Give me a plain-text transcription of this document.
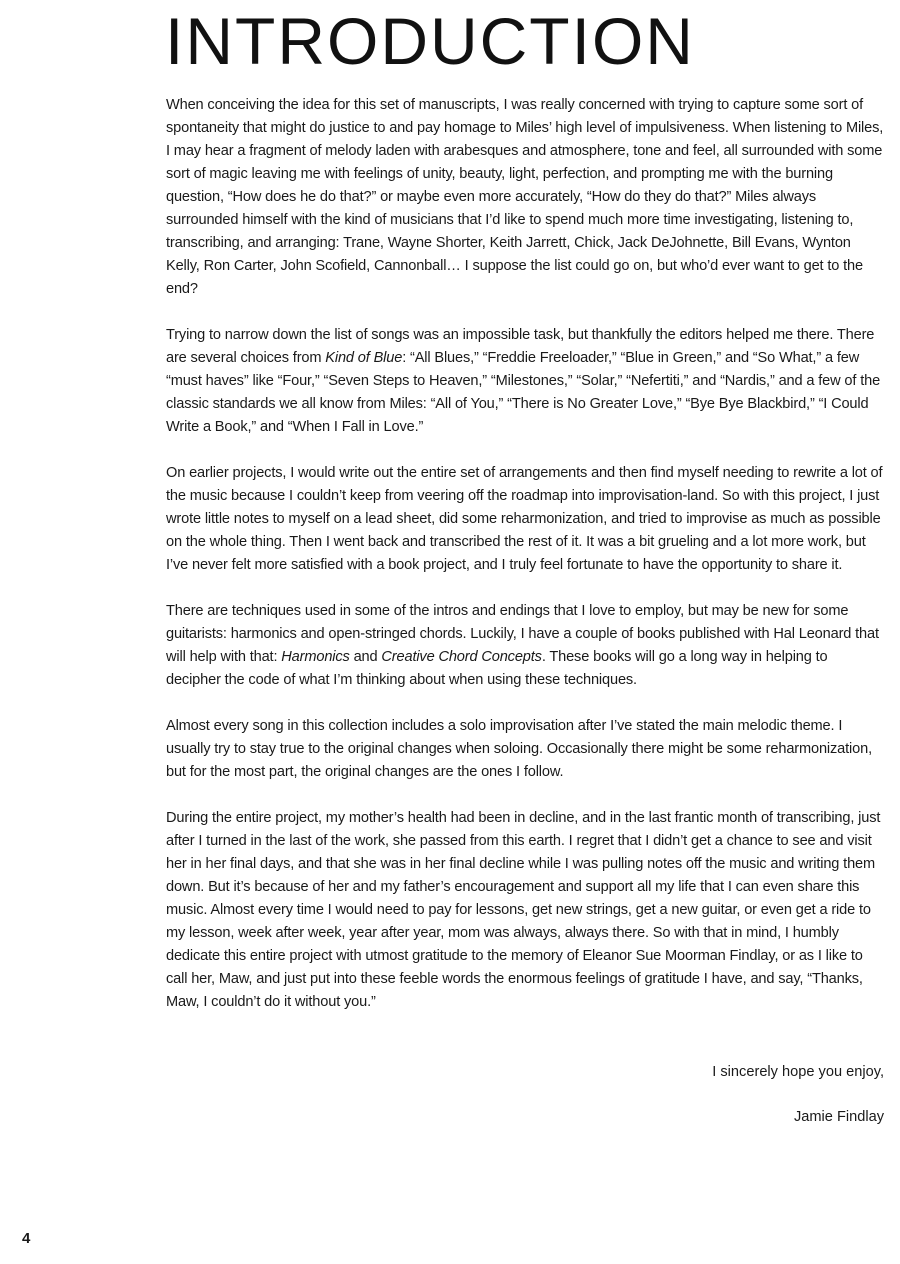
INTRODUCTION

When conceiving the idea for this set of manuscripts, I was really concerned with trying to capture some sort of spontaneity that might do justice to and pay homage to Miles’ high level of impulsiveness. When listening to Miles, I may hear a fragment of melody laden with arabesques and atmosphere, tone and feel, all surrounded with some sort of magic leaving me with feelings of unity, beauty, light, perfection, and prompting me with the burning question, “How does he do that?” or maybe even more accurately, “How do they do that?” Miles always surrounded himself with the kind of musicians that I’d like to spend much more time investigating, listening to, transcribing, and arranging: Trane, Wayne Shorter, Keith Jarrett, Chick, Jack DeJohnette, Bill Evans, Wynton Kelly, Ron Carter, John Scofield, Cannonball… I suppose the list could go on, but who’d ever want to get to the end?

Trying to narrow down the list of songs was an impossible task, but thankfully the editors helped me there. There are several choices from Kind of Blue: “All Blues,” “Freddie Freeloader,” “Blue in Green,” and “So What,” a few “must haves” like “Four,” “Seven Steps to Heaven,” “Milestones,” “Solar,” “Nefertiti,” and “Nardis,” and a few of the classic standards we all know from Miles: “All of You,” “There is No Greater Love,” “Bye Bye Blackbird,” “I Could Write a Book,” and “When I Fall in Love.”

On earlier projects, I would write out the entire set of arrangements and then find myself needing to rewrite a lot of the music because I couldn’t keep from veering off the roadmap into improvisation-land. So with this project, I just wrote little notes to myself on a lead sheet, did some reharmonization, and tried to improvise as much as possible on the whole thing. Then I went back and transcribed the rest of it. It was a bit grueling and a lot more work, but I’ve never felt more satisfied with a book project, and I truly feel fortunate to have the opportunity to share it.

There are techniques used in some of the intros and endings that I love to employ, but may be new for some guitarists: harmonics and open-stringed chords. Luckily, I have a couple of books published with Hal Leonard that will help with that: Harmonics and Creative Chord Concepts. These books will go a long way in helping to decipher the code of what I’m thinking about when using these techniques.

Almost every song in this collection includes a solo improvisation after I’ve stated the main melodic theme. I usually try to stay true to the original changes when soloing. Occasionally there might be some reharmonization, but for the most part, the original changes are the ones I follow.

During the entire project, my mother’s health had been in decline, and in the last frantic month of transcribing, just after I turned in the last of the work, she passed from this earth. I regret that I didn’t get a chance to see and visit her in her final days, and that she was in her final decline while I was pulling notes off the music and writing them down. But it’s because of her and my father’s encouragement and support all my life that I can even share this music. Almost every time I would need to pay for lessons, get new strings, get a new guitar, or even get a ride to my lesson, week after week, year after year, mom was always, always there. So with that in mind, I humbly dedicate this entire project with utmost gratitude to the memory of Eleanor Sue Moorman Findlay, or as I like to call her, Maw, and just put into these feeble words the enormous feelings of gratitude I have, and say, “Thanks, Maw, I couldn’t do it without you.”

I sincerely hope you enjoy,

Jamie Findlay

4
